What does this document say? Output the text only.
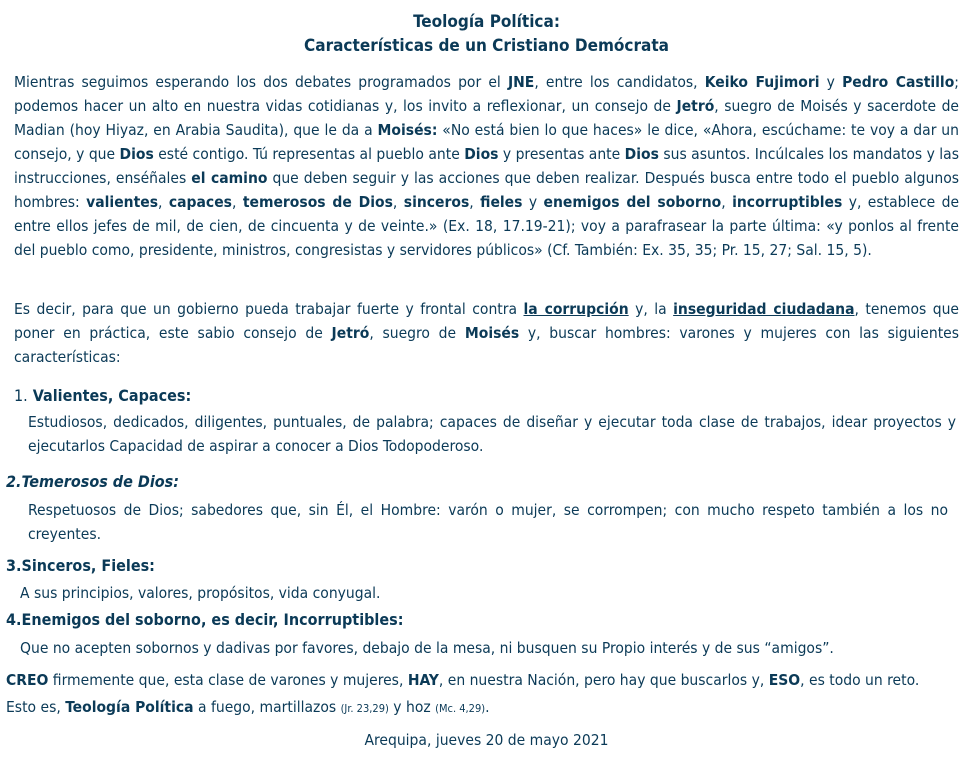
Teología Política:
Características de un Cristiano Demócrata
Mientras seguimos esperando los dos debates programados por el JNE, entre los candidatos, Keiko Fujimori y Pedro Castillo; podemos hacer un alto en nuestra vidas cotidianas y, los invito a reflexionar, un consejo de Jetró, suegro de Moisés y sacerdote de Madian (hoy Hiyaz, en Arabia Saudita), que le da a Moisés: «No está bien lo que haces» le dice, «Ahora, escúchame: te voy a dar un consejo, y que Dios esté contigo. Tú representas al pueblo ante Dios y presentas ante Dios sus asuntos. Incúlcales los mandatos y las instrucciones, enséñales el camino que deben seguir y las acciones que deben realizar. Después busca entre todo el pueblo algunos hombres: valientes, capaces, temerosos de Dios, sinceros, fieles y enemigos del soborno, incorruptibles y, establece de entre ellos jefes de mil, de cien, de cincuenta y de veinte.» (Ex. 18, 17.19-21); voy a parafrasear la parte última: «y ponlos al frente del pueblo como, presidente, ministros, congresistas y servidores públicos» (Cf. También: Ex. 35, 35; Pr. 15, 27; Sal. 15, 5).
Es decir, para que un gobierno pueda trabajar fuerte y frontal contra la corrupción y, la inseguridad ciudadana, tenemos que poner en práctica, este sabio consejo de Jetró, suegro de Moisés y, buscar hombres: varones y mujeres con las siguientes características:
1. Valientes, Capaces:
Estudiosos, dedicados, diligentes, puntuales, de palabra; capaces de diseñar y ejecutar toda clase de trabajos, idear proyectos y ejecutarlos Capacidad de aspirar a conocer a Dios Todopoderoso.
2.Temerosos de Dios:
Respetuosos de Dios; sabedores que, sin Él, el Hombre: varón o mujer, se corrompen; con mucho respeto también a los no creyentes.
3.Sinceros, Fieles:
A sus principios, valores, propósitos, vida conyugal.
4.Enemigos del soborno, es decir, Incorruptibles:
Que no acepten sobornos y dadivas por favores, debajo de la mesa, ni busquen su Propio interés y de sus “amigos”.
CREO firmemente que, esta clase de varones y mujeres, HAY, en nuestra Nación, pero hay que buscarlos y, ESO, es todo un reto.
Esto es, Teología Política a fuego, martillazos (Jr. 23,29) y hoz (Mc. 4,29).
Arequipa, jueves 20 de mayo 2021
